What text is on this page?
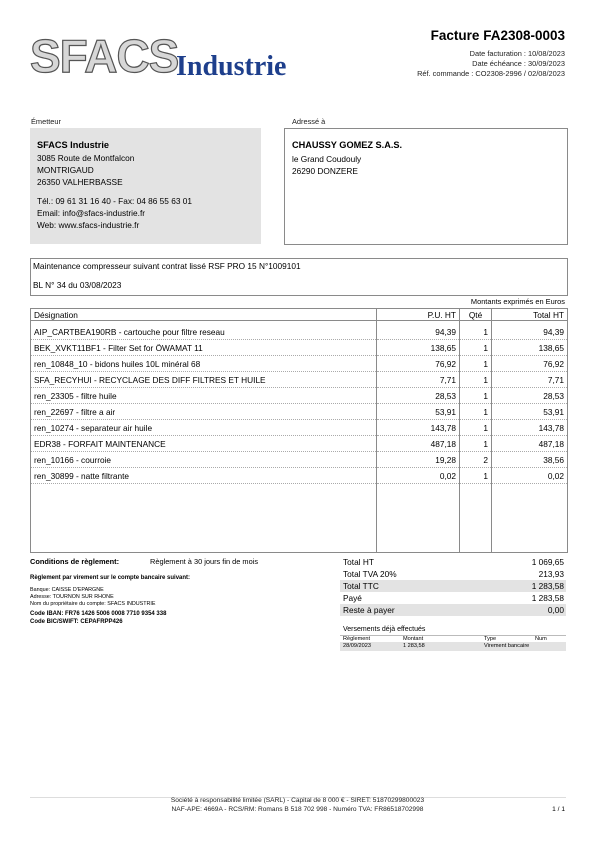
SFACS
Industrie
Facture FA2308-0003
Date facturation : 10/08/2023
Date échéance : 30/09/2023
Réf. commande : CO2308-2996 / 02/08/2023
Émetteur
SFACS Industrie
3085 Route de Montfalcon
MONTRIGAUD
26350 VALHERBASSE
Tél.: 09 61 31 16 40 - Fax: 04 86 55 63 01
Email: info@sfacs-industrie.fr
Web: www.sfacs-industrie.fr
Adressé à
CHAUSSY GOMEZ S.A.S.
le Grand Coudouly
26290 DONZERE
Maintenance compresseur suivant contrat lissé RSF PRO 15 N°1009101
BL N° 34 du 03/08/2023
Montants exprimés en Euros
Désignation	P.U. HT	Qté	Total HT
AIP_CARTBEA190RB - cartouche pour filtre reseau	94,39	1	94,39
BEK_XVKT11BF1 - Filter Set for ÖWAMAT 11	138,65	1	138,65
ren_10848_10 - bidons huiles 10L minéral 68	76,92	1	76,92
SFA_RECYHUI - RECYCLAGE DES DIFF FILTRES ET HUILE	7,71	1	7,71
ren_23305 - filtre huile	28,53	1	28,53
ren_22697 - filtre a air	53,91	1	53,91
ren_10274 - separateur air huile	143,78	1	143,78
EDR38 - FORFAIT MAINTENANCE	487,18	1	487,18
ren_10166 - courroie	19,28	2	38,56
ren_30899 - natte filtrante	0,02	1	0,02
Conditions de règlement:	Règlement à 30 jours fin de mois
Règlement par virement sur le compte bancaire suivant:
Banque: CAISSE D'EPARGNE
Adresse: TOURNON SUR RHONE
Nom du propriétaire du compte: SFACS INDUSTRIE
Code IBAN: FR76 1426 5006 0008 7710 9354 338
Code BIC/SWIFT: CEPAFRPP426
Total HT	1 069,65
Total TVA 20%	213,93
Total TTC	1 283,58
Payé	1 283,58
Reste à payer	0,00
Versements déjà effectués
Règlement	Montant	Type	Num
28/09/2023	1 283,58	Virement bancaire
Société à responsabilité limitée (SARL) - Capital de 8 000 € - SIRET: 51870299800023
NAF-APE: 4669A - RCS/RM: Romans B 518 702 998 - Numéro TVA: FR86518702998	1 / 1
